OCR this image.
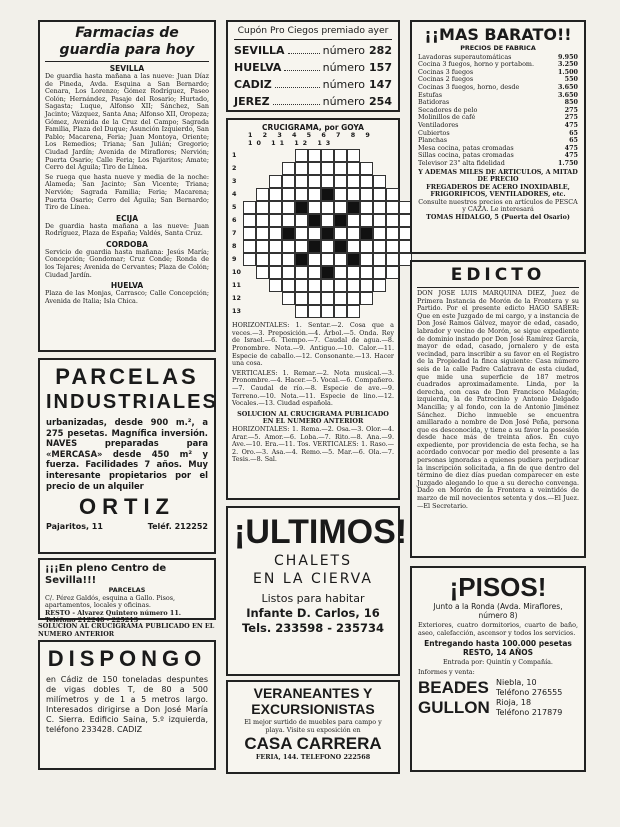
Farmacias de guardia para hoy
SEVILLA
De guardia hasta mañana a las nueve: Juan Díaz de Pineda, Avda. Esquina a San Bernardo; Cenara, Los Lorenzo; Gómez Rodríguez, Paseo Colón; Hernández, Pasaje del Rosario; Hurtado, Sagasta; Luque, Alfonso XII; Sánchez, San Jacinto; Vázquez, Santa Ana; Alfonso XII, Oropeza; Gómez, Avenida de la Cruz del Campo; Sagrada Familia, Plaza del Duque; Asunción Izquierdo, San Pablo; Macarena, Feria; Juan Montoya, Oriente; Los Remedios; Triana; San Julián; Gregorio; Ciudad Jardín; Avenida de Miraflores; Nervión; Puerta Osario; Calle Feria; Los Pajaritos; Amate; Cerro del Águila; Tiro de Línea.
Se ruega que hasta nueve y media de la noche: Alameda; San Jacinto; San Vicente; Triana; Nervión; Sagrada Familia; Feria; Macarena; Puerta Osario; Cerro del Águila; San Bernardo; Tiro de Línea.
ECIJA
De guardia hasta mañana a las nueve: Juan Rodríguez, Plaza de España; Valdés, Santa Cruz.
CORDOBA
Servicio de guardia hasta mañana: Jesús María; Concepción; Gondomar; Cruz Conde; Ronda de los Tejares; Avenida de Cervantes; Plaza de Colón; Ciudad Jardín.
HUELVA
Plaza de las Monjas, Carrasco; Calle Concepción; Avenida de Italia; Isla Chica.
PARCELAS
INDUSTRIALES
urbanizadas, desde 900 m.², a 275 pesetas. Magnífica inversión. NAVES preparadas para «MERCASA» desde 450 m² y fuerza. Facilidades 7 años. Muy interesante propietarios por el precio de un alquiler
ORTIZ
Pajaritos, 11	Teléf. 212252
¡¡¡En pleno Centro de Sevilla!!!
PARCELAS
C/. Pérez Galdós, esquina a Gallo. Pisos, apartamentos, locales y oficinas.
RESTO - Alvarez Quintero número 11. Teléfono 212248 - 225213
SOLUCION AL CRUCIGRAMA PUBLICADO EN EL NUMERO ANTERIOR
DISPONGO
en Cádiz de 150 toneladas despuntes de vigas dobles T, de 80 a 500 milímetros y de 1 a 5 metros largo. Interesados dirigirse a Don José María C. Sierra. Edificio Saina, 5.º izquierda, teléfono 233428. CADIZ
Cupón Pro Ciegos premiado ayer
SEVILLA	número 282
HUELVA	número 157
CADIZ	número 147
JEREZ	número 254
CRUCIGRAMA, por GOYA
1 2 3 4 5 6 7 8 9 10 11 12 13
1
2
3
4
5
6
7
8
9
10
11
12
13
HORIZONTALES: 1. Sentar.—2. Cosa que a veces.—3. Preposición.—4. Árbol.—5. Onda. Rey de Israel.—6. Tiempo.—7. Caudal de agua.—8. Pronombre. Nota.—9. Antiguo.—10. Calor.—11. Especie de caballo.—12. Consonante.—13. Hacer una cosa.
VERTICALES: 1. Remar.—2. Nota musical.—3. Pronombre.—4. Hacer.—5. Vocal.—6. Compañero.—7. Caudal de río.—8. Especie de ave.—9. Terreno.—10. Nota.—11. Especie de lino.—12. Vocales.—13. Ciudad española.
SOLUCION AL CRUCIGRAMA PUBLICADO EN EL NUMERO ANTERIOR
HORIZONTALES: 1. Rema.—2. Osa.—3. Olor.—4. Arar.—5. Amor.—6. Loba.—7. Rito.—8. Ana.—9. Ave.—10. Era.—11. Tos. VERTICALES: 1. Raso.—2. Oro.—3. Asa.—4. Remo.—5. Mar.—6. Ola.—7. Tesis.—8. Sal.
¡ULTIMOS!
CHALETS
EN LA CIERVA
Listos para habitar
Infante D. Carlos, 16
Tels. 233598 - 235734
VERANEANTES Y
EXCURSIONISTAS
El mejor surtido de muebles para campo y playa. Visite su exposición en
CASA CARRERA
FERIA, 144. TELEFONO 222568
¡¡MAS BARATO!!
PRECIOS DE FABRICA
Lavadoras superautomáticas	9.950
Cocina 3 fuegos, horno y portabom.	3.250
Cocinas 3 fuegos	1.500
Cocinas 2 fuegos	550
Cocinas 3 fuegos, horno, desde	3.650
Estufas	3.650
Batidoras	850
Secadores de pelo	275
Molinillos de café	275
Ventiladores	475
Cubiertos	65
Planchas	65
Mesa cocina, patas cromadas	475
Sillas cocina, patas cromadas	475
Televisor 23" alta fidelidad	1.750
Y ADEMAS MILES DE ARTICULOS, A MITAD DE PRECIO
FREGADEROS DE ACERO INOXIDABLE, FRIGORIFICOS, VENTILADORES, etc.
Consulte nuestros precios en artículos de PESCA y CAZA. Le interesará
TOMAS HIDALGO, 5 (Puerta del Osario)
EDICTO
DON JOSE LUIS MARQUINA DIEZ, Juez de Primera Instancia de Morón de la Frontera y su Partido. Por el presente edicto HAGO SABER: Que en este Juzgado de mi cargo, y a instancia de Don José Ramos Gálvez, mayor de edad, casado, labrador y vecino de Morón, se sigue expediente de dominio instado por Don José Ramírez García, mayor de edad, casado, jornalero y de esta vecindad, para inscribir a su favor en el Registro de la Propiedad la finca siguiente: Casa número seis de la calle Padre Calatrava de esta ciudad, que mide una superficie de 187 metros cuadrados aproximadamente. Linda, por la derecha, con casa de Don Francisco Malagón; izquierda, la de Patrocinio y Antonio Delgado Mancilla; y al fondo, con la de Antonio Jiménez Sánchez. Dicho inmueble se encuentra amillarado a nombre de Don José Peña, persona que es desconocida, y tiene a su favor la posesión desde hace más de treinta años. En cuyo expediente, por providencia de esta fecha, se ha acordado convocar por medio del presente a las personas ignoradas a quienes pudiera perjudicar la inscripción solicitada, a fin de que dentro del término de diez días puedan comparecer en este Juzgado alegando lo que a su derecho convenga. Dado en Morón de la Frontera a veintidós de marzo de mil novecientos setenta y dos.—El Juez.—El Secretario.
¡PISOS!
Junto a la Ronda (Avda. Miraflores, número 8)
Exteriores, cuatro dormitorios, cuarto de baño, aseo, calefacción, ascensor y todos los servicios.
Entregando hasta 100.000 pesetas RESTO, 14 AÑOS
Entrada por: Quintín y Compañía.
Informes y venta:
BEADES
GULLON
Niebla, 10
Teléfono 276555
Rioja, 18
Teléfono 217879
